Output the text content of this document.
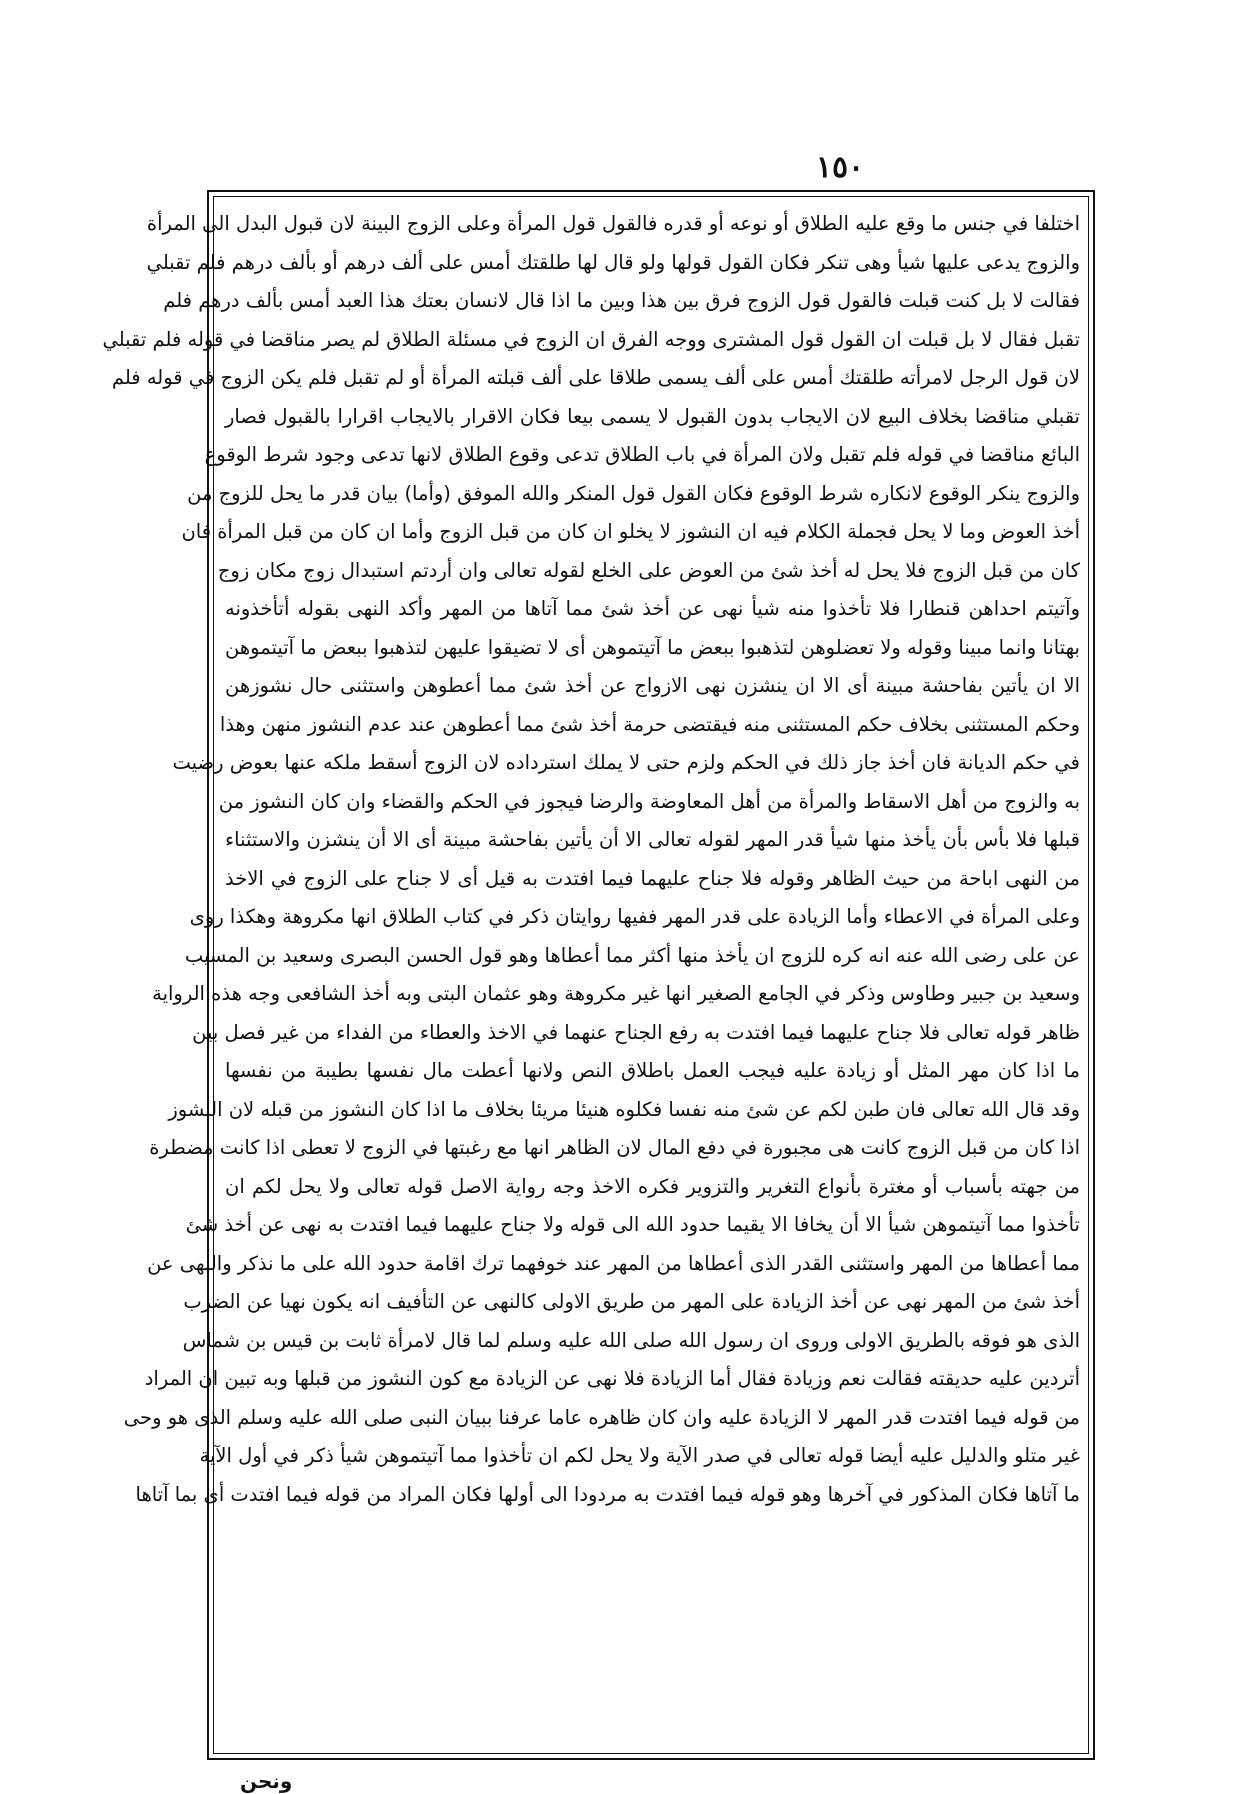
١٥٠
اختلفا في جنس ما وقع عليه الطلاق أو نوعه أو قدره فالقول قول المرأة وعلى الزوج البينة لان قبول البدل الى المرأة
والزوج يدعى عليها شيأ وهى تنكر فكان القول قولها ولو قال لها طلقتك أمس على ألف درهم أو بألف درهم فلم تقبلي
فقالت لا بل كنت قبلت فالقول قول الزوج فرق بين هذا وبين ما اذا قال لانسان بعتك هذا العبد أمس بألف درهم فلم
تقبل فقال لا بل قبلت ان القول قول المشترى ووجه الفرق ان الزوج في مسئلة الطلاق لم يصر مناقضا في قوله فلم تقبلي
لان قول الرجل لامرأته طلقتك أمس على ألف يسمى طلاقا على ألف قبلته المرأة أو لم تقبل فلم يكن الزوج في قوله فلم
تقبلي مناقضا بخلاف البيع لان الايجاب بدون القبول لا يسمى بيعا فكان الاقرار بالايجاب اقرارا بالقبول فصار
البائع مناقضا في قوله فلم تقبل ولان المرأة في باب الطلاق تدعى وقوع الطلاق لانها تدعى وجود شرط الوقوع
والزوج ينكر الوقوع لانكاره شرط الوقوع فكان القول قول المنكر والله الموفق (وأما) بيان قدر ما يحل للزوج من
أخذ العوض وما لا يحل فجملة الكلام فيه ان النشوز لا يخلو ان كان من قبل الزوج وأما ان كان من قبل المرأة فان
كان من قبل الزوج فلا يحل له أخذ شئ من العوض على الخلع لقوله تعالى وان أردتم استبدال زوج مكان زوج
وآتيتم احداهن قنطارا فلا تأخذوا منه شيأ نهى عن أخذ شئ مما آتاها من المهر وأكد النهى بقوله أتأخذونه
بهتانا وانما مبينا وقوله ولا تعضلوهن لتذهبوا ببعض ما آتيتموهن أى لا تضيقوا عليهن لتذهبوا ببعض ما آتيتموهن
الا ان يأتين بفاحشة مبينة أى الا ان ينشزن نهى الازواج عن أخذ شئ مما أعطوهن واستثنى حال نشوزهن
وحكم المستثنى بخلاف حكم المستثنى منه فيقتضى حرمة أخذ شئ مما أعطوهن عند عدم النشوز منهن وهذا
في حكم الديانة فان أخذ جاز ذلك في الحكم ولزم حتى لا يملك استرداده لان الزوج أسقط ملكه عنها بعوض رضيت
به والزوج من أهل الاسقاط والمرأة من أهل المعاوضة والرضا فيجوز في الحكم والقضاء وان كان النشوز من
قبلها فلا بأس بأن يأخذ منها شيأ قدر المهر لقوله تعالى الا أن يأتين بفاحشة مبينة أى الا أن ينشزن والاستثناء
من النهى اباحة من حيث الظاهر وقوله فلا جناح عليهما فيما افتدت به قيل أى لا جناح على الزوج في الاخذ
وعلى المرأة في الاعطاء وأما الزيادة على قدر المهر ففيها روايتان ذكر في كتاب الطلاق انها مكروهة وهكذا روى
عن على رضى الله عنه انه كره للزوج ان يأخذ منها أكثر مما أعطاها وهو قول الحسن البصرى وسعيد بن المسيب
وسعيد بن جبير وطاوس وذكر في الجامع الصغير انها غير مكروهة وهو عثمان البتى وبه أخذ الشافعى وجه هذه الرواية
ظاهر قوله تعالى فلا جناح عليهما فيما افتدت به رفع الجناح عنهما في الاخذ والعطاء من الفداء من غير فصل بين
ما اذا كان مهر المثل أو زيادة عليه فيجب العمل باطلاق النص ولانها أعطت مال نفسها بطيبة من نفسها
وقد قال الله تعالى فان طبن لكم عن شئ منه نفسا فكلوه هنيئا مريئا بخلاف ما اذا كان النشوز من قبله لان النشوز
اذا كان من قبل الزوج كانت هى مجبورة في دفع المال لان الظاهر انها مع رغبتها في الزوج لا تعطى اذا كانت مضطرة
من جهته بأسباب أو مغترة بأنواع التغرير والتزوير فكره الاخذ وجه رواية الاصل قوله تعالى ولا يحل لكم ان
تأخذوا مما آتيتموهن شيأ الا أن يخافا الا يقيما حدود الله الى قوله ولا جناح عليهما فيما افتدت به نهى عن أخذ شئ
مما أعطاها من المهر واستثنى القدر الذى أعطاها من المهر عند خوفهما ترك اقامة حدود الله على ما نذكر والنهى عن
أخذ شئ من المهر نهى عن أخذ الزيادة على المهر من طريق الاولى كالنهى عن التأفيف انه يكون نهيا عن الضرب
الذى هو فوقه بالطريق الاولى وروى ان رسول الله صلى الله عليه وسلم لما قال لامرأة ثابت بن قيس بن شماس
أتردين عليه حديقته فقالت نعم وزيادة فقال أما الزيادة فلا نهى عن الزيادة مع كون النشوز من قبلها وبه تبين ان المراد
من قوله فيما افتدت قدر المهر لا الزيادة عليه وان كان ظاهره عاما عرفنا ببيان النبى صلى الله عليه وسلم الذى هو وحى
غير متلو والدليل عليه أيضا قوله تعالى في صدر الآية ولا يحل لكم ان تأخذوا مما آتيتموهن شيأ ذكر في أول الآية
ما آتاها فكان المذكور في آخرها وهو قوله فيما افتدت به مردودا الى أولها فكان المراد من قوله فيما افتدت أى بما آتاها
ونحن
